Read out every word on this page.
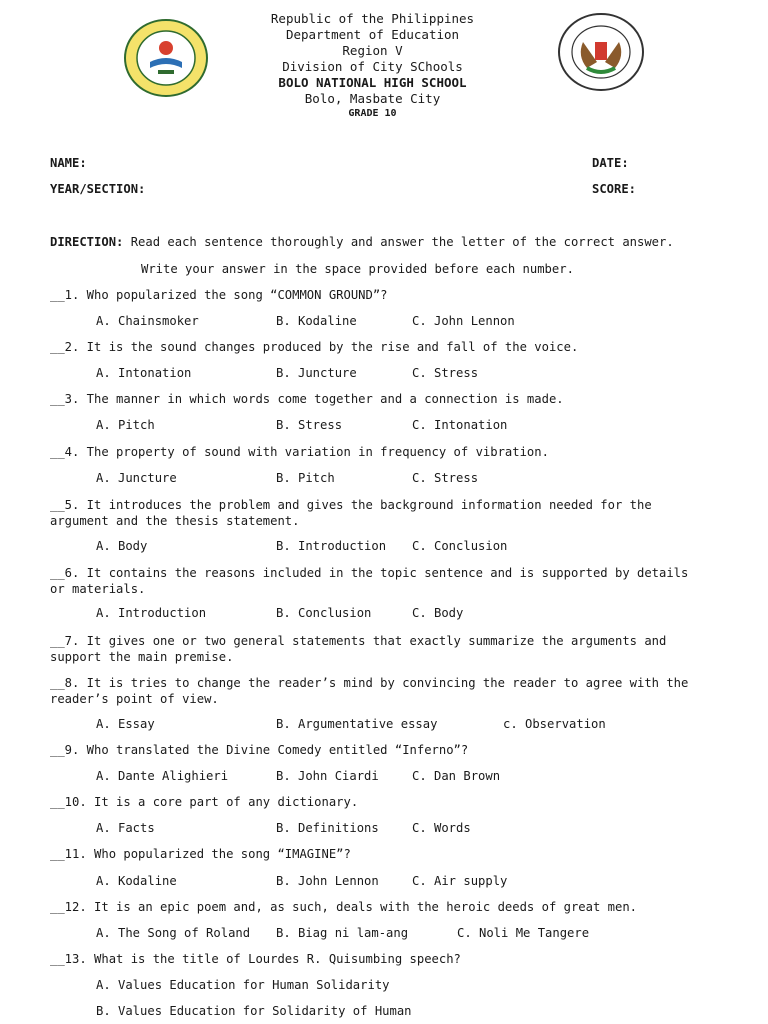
Republic of the Philippines
Department of Education
Region V
Division of City SChools
BOLO NATIONAL HIGH SCHOOL
Bolo, Masbate City
GRADE 10
NAME:	DATE:
YEAR/SECTION:	SCORE:
DIRECTION: Read each sentence thoroughly and answer the letter of the correct answer.
Write your answer in the space provided before each number.
__1. Who popularized the song “COMMON GROUND”?
A. Chainsmoker	B. Kodaline	C. John Lennon
__2. It is the sound changes produced by the rise and fall of the voice.
A. Intonation	B. Juncture	C. Stress
__3. The manner in which words come together and a connection is made.
A. Pitch	B. Stress	C. Intonation
__4. The property of sound with variation in frequency of vibration.
A. Juncture	B. Pitch	C. Stress
__5. It introduces the problem and gives the background information needed for the argument and the thesis statement.
A. Body	B. Introduction C. Conclusion
__6. It contains the reasons included in the topic sentence and is supported by details or materials.
A. Introduction	B. Conclusion	C. Body
__7. It gives one or two general statements that exactly summarize the arguments and support the main premise.
__8. It is tries to change the reader’s mind by convincing the reader to agree with the reader’s point of view.
A. Essay	B. Argumentative essay	c. Observation
__9. Who translated the Divine Comedy entitled “Inferno”?
A. Dante Alighieri	B. John Ciardi	C. Dan Brown
__10. It is a core part of any dictionary.
A. Facts	B. Definitions	C. Words
__11. Who popularized the song “IMAGINE”?
A. Kodaline	B. John Lennon	C. Air supply
__12. It is an epic poem and, as such, deals with the heroic deeds of great men.
A. The Song of Roland B. Biag ni lam-ang	C. Noli Me Tangere
__13. What is the title of Lourdes R. Quisumbing speech?
A. Values Education for Human Solidarity
B. Values Education for Solidarity of Human
